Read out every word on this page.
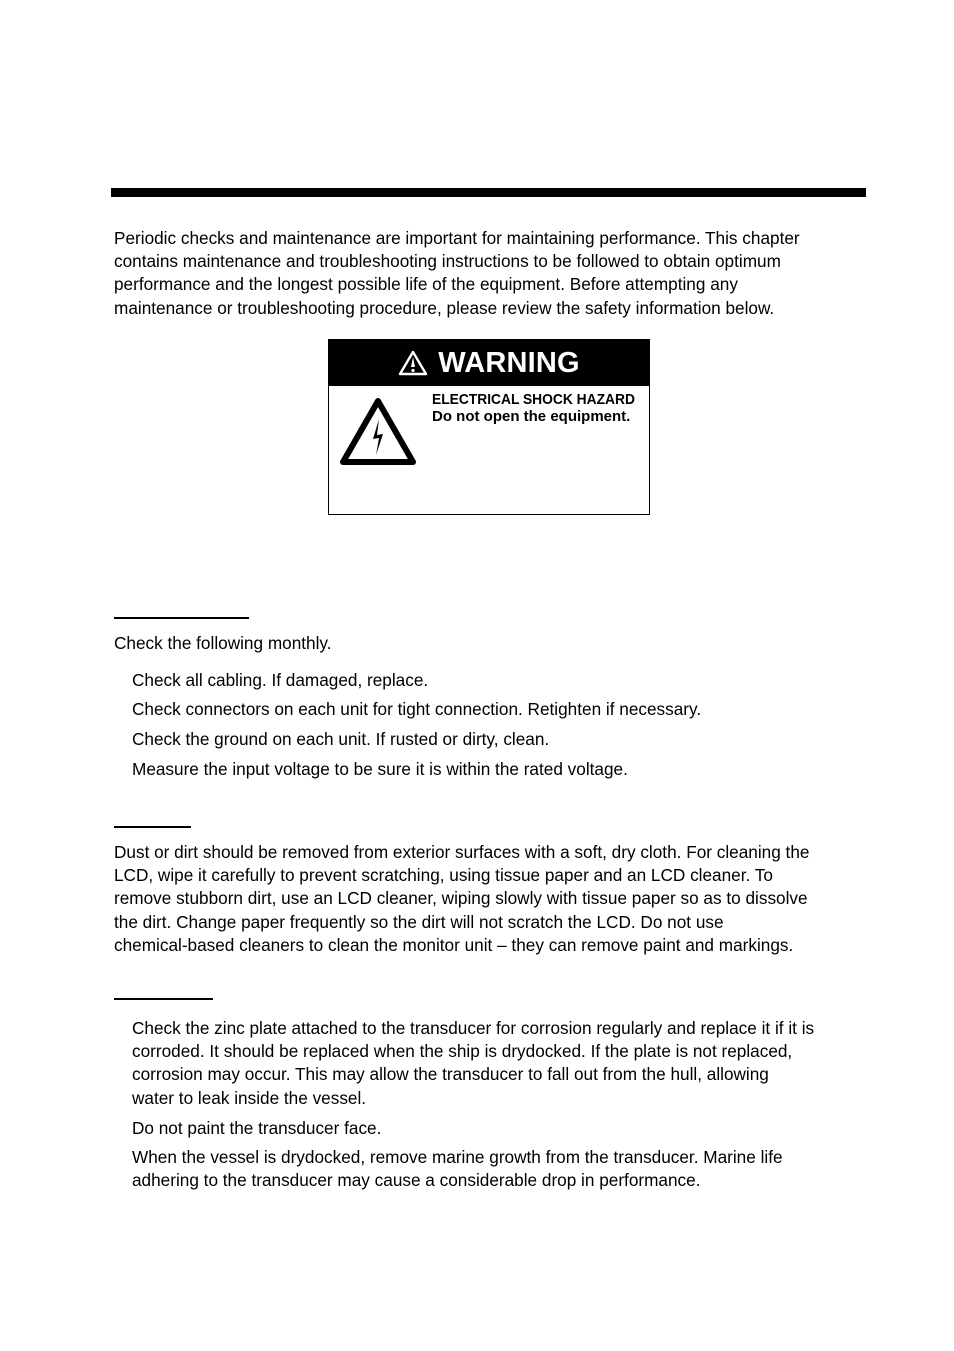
Periodic checks and maintenance are important for maintaining performance. This chapter
contains maintenance and troubleshooting instructions to be followed to obtain optimum
performance and the longest possible life of the equipment. Before attempting any
maintenance or troubleshooting procedure, please review the safety information below.

WARNING
ELECTRICAL SHOCK HAZARD
Do not open the equipment.

Check the following monthly.

Check all cabling. If damaged, replace.

Check connectors on each unit for tight connection. Retighten if necessary.

Check the ground on each unit. If rusted or dirty, clean.

Measure the input voltage to be sure it is within the rated voltage.

Dust or dirt should be removed from exterior surfaces with a soft, dry cloth. For cleaning the
LCD, wipe it carefully to prevent scratching, using tissue paper and an LCD cleaner. To
remove stubborn dirt, use an LCD cleaner, wiping slowly with tissue paper so as to dissolve
the dirt. Change paper frequently so the dirt will not scratch the LCD. Do not use
chemical-based cleaners to clean the monitor unit – they can remove paint and markings.

Check the zinc plate attached to the transducer for corrosion regularly and replace it if it is
corroded. It should be replaced when the ship is drydocked. If the plate is not replaced,
corrosion may occur. This may allow the transducer to fall out from the hull, allowing
water to leak inside the vessel.

Do not paint the transducer face.

When the vessel is drydocked, remove marine growth from the transducer. Marine life
adhering to the transducer may cause a considerable drop in performance.
